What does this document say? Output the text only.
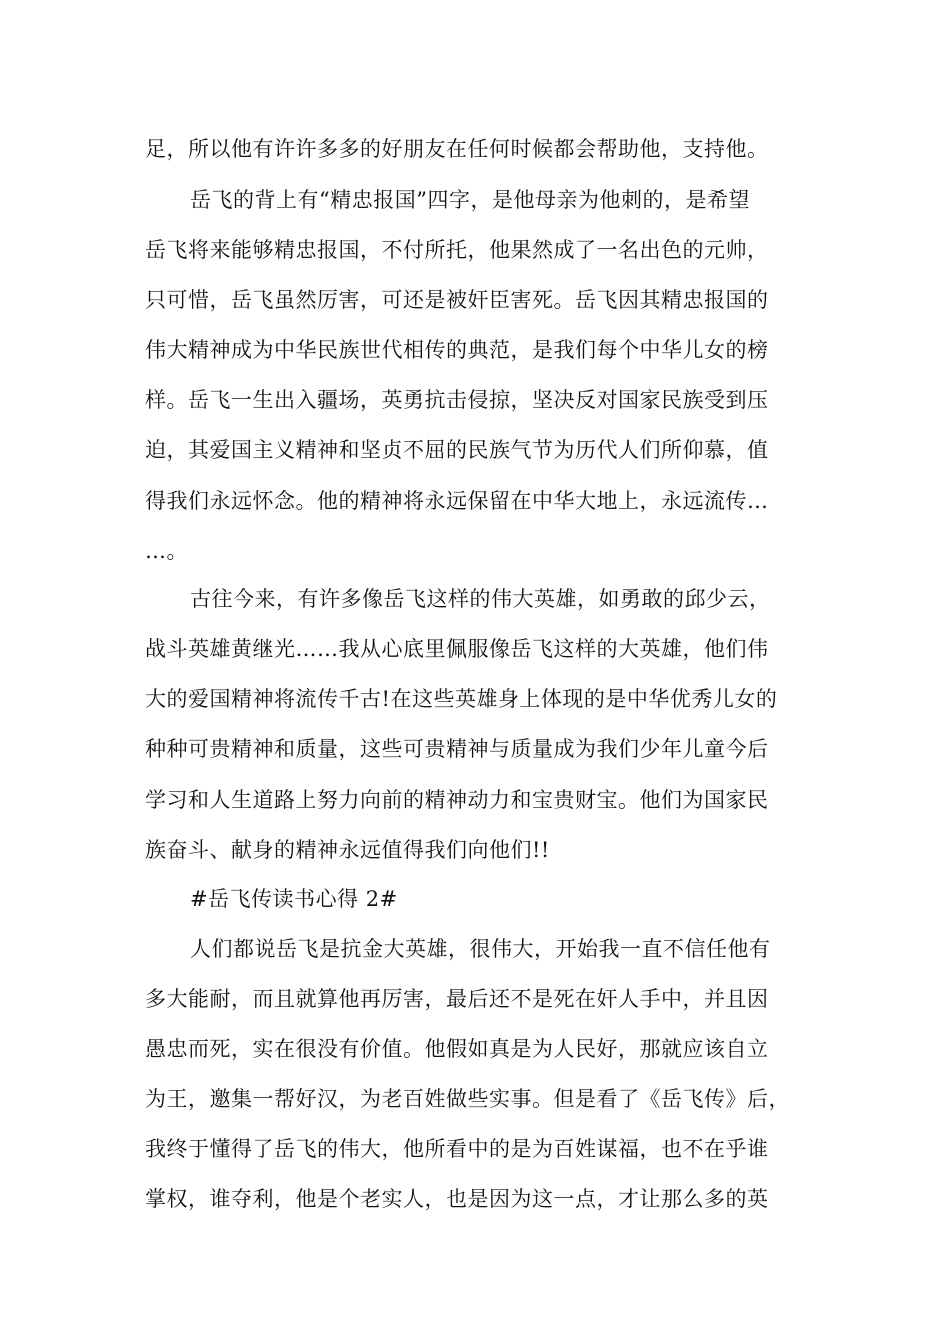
足，所以他有许许多多的好朋友在任何时候都会帮助他，支持他。
岳飞的背上有“精忠报国”四字，是他母亲为他刺的，是希望
岳飞将来能够精忠报国，不付所托，他果然成了一名出色的元帅，
只可惜，岳飞虽然厉害，可还是被奸臣害死。岳飞因其精忠报国的
伟大精神成为中华民族世代相传的典范，是我们每个中华儿女的榜
样。岳飞一生出入疆场，英勇抗击侵掠，坚决反对国家民族受到压
迫，其爱国主义精神和坚贞不屈的民族气节为历代人们所仰慕，值
得我们永远怀念。他的精神将永远保留在中华大地上，永远流传…
…。
古往今来，有许多像岳飞这样的伟大英雄，如勇敢的邱少云，
战斗英雄黄继光……我从心底里佩服像岳飞这样的大英雄，他们伟
大的爱国精神将流传千古!在这些英雄身上体现的是中华优秀儿女的
种种可贵精神和质量，这些可贵精神与质量成为我们少年儿童今后
学习和人生道路上努力向前的精神动力和宝贵财宝。他们为国家民
族奋斗、献身的精神永远值得我们向他们!!
#岳飞传读书心得 2#
人们都说岳飞是抗金大英雄，很伟大，开始我一直不信任他有
多大能耐，而且就算他再厉害，最后还不是死在奸人手中，并且因
愚忠而死，实在很没有价值。他假如真是为人民好，那就应该自立
为王，邀集一帮好汉，为老百姓做些实事。但是看了《岳飞传》后，
我终于懂得了岳飞的伟大，他所看中的是为百姓谋福，也不在乎谁
掌权，谁夺利，他是个老实人，也是因为这一点，才让那么多的英
